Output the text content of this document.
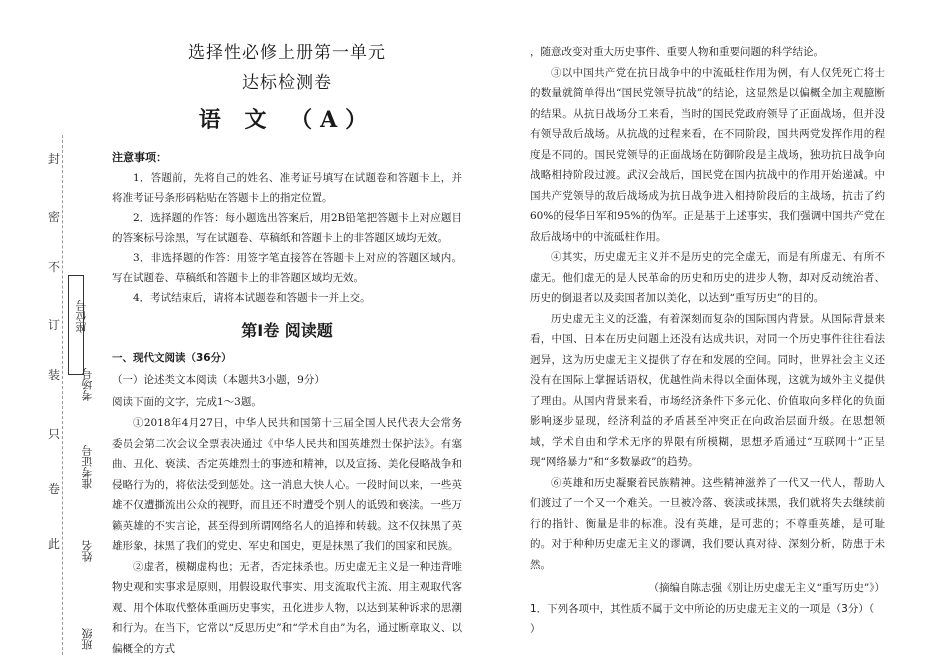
封
密
不
订
装
只
卷
此
座位号
考场号
准考证号
姓名
班级
选择性必修上册第一单元
达标检测卷
语 文 （A）
注意事项：

1．答题前，先将自己的姓名、准考证号填写在试题卷和答题卡上，并将准考证号条形码粘贴在答题卡上的指定位置。

2．选择题的作答：每小题选出答案后，用2B铅笔把答题卡上对应题目的答案标号涂黑，写在试题卷、草稿纸和答题卡上的非答题区域均无效。

3．非选择题的作答：用签字笔直接答在答题卡上对应的答题区域内。写在试题卷、草稿纸和答题卡上的非答题区域均无效。

4．考试结束后，请将本试题卷和答题卡一并上交。

第Ⅰ卷 阅读题
一、现代文阅读（36分）

（一）论述类文本阅读（本题共3小题，9分）

阅读下面的文字，完成1～3题。

①2018年4月27日，中华人民共和国第十三届全国人民代表大会常务委员会第二次会议全票表决通过《中华人民共和国英雄烈士保护法》。有塞曲、丑化、亵渎、否定英雄烈士的事迹和精神，以及宣扬、美化侵略战争和侵略行为的，将依法受到惩处。这一消息大快人心。一段时间以来，一些英雄不仅遭撕流出公众的视野，而且还不时遭受个别人的诋毁和亵渎。一些万籁英雄的不实言论，甚至得到所谓网络名人的追捧和转载。这不仅抹黑了英雄形象，抹黑了我们的党史、军史和国史，更是抹黑了我们的国家和民族。

②虚者，模糊虚构也；无者，否定抹杀也。历史虚无主义是一种违背唯物史观和实事求是原则，用假设取代事实、用支流取代主流、用主观取代客观、用个体取代整体重画历史事实，丑化进步人物，以达到某种诉求的思潮和行为。在当下，它常以“反思历史”和“学术自由”为名，通过断章取义、以偏概全的方式

，随意改变对重大历史事件、重要人物和重要问题的科学结论。

③以中国共产党在抗日战争中的中流砥柱作用为例，有人仅凭死亡将士的数量就简单得出“国民党领导抗战”的结论，这显然是以偏概全加主观臆断的结果。从抗日战场分工来看，当时的国民党政府领导了正面战场，但并没有领导敌后战场。从抗战的过程来看，在不同阶段，国共两党发挥作用的程度是不同的。国民党领导的正面战场在防御阶段是主战场，独功抗日战争向战略相持阶段过渡。武汉会战后，国民党在国内抗战中的作用开始递减。中国共产党领导的敌后战场成为抗日战争进入相持阶段后的主战场，抗击了约60%的侵华日军和95%的伪军。正是基于上述事实，我们强调中国共产党在敌后战场中的中流砥柱作用。

④其实，历史虚无主义并不是历史的完全虚无，而是有所虚无、有所不虚无。他们虚无的是人民革命的历史和历史的进步人物，却对反动统治者、历史的倒退者以及卖国者加以美化，以达到“重写历史”的目的。

历史虚无主义的泛滥，有着深刻而复杂的国际国内背景。从国际背景来看，中国、日本在历史问题上还没有达成共识，对同一个历史事件往往看法迥异，这为历史虚无主义提供了存在和发展的空间。同时，世界社会主义还没有在国际上掌握话语权，优越性尚未得以全面体现，这就为域外主义提供了理由。从国内背景来看，市场经济条件下多元化、价值取向多样化的负面影响逐步显现，经济利益的矛盾甚至冲突正在向政治层面升级。在思想领域，学术自由和学术无序的界限有所模糊，思想矛盾通过“互联网十”正呈现“网络暴力”和“多数暴政”的趋势。

⑥英雄和历史凝聚着民族精神。这些精神滋养了一代又一代人，帮助人们渡过了一个又一个难关。一旦被冷落、亵渎或抹黑，我们就将失去继续前行的指针、衡量是非的标准。没有英雄，是可悲的；不尊重英雄，是可耻的。对于种种历史虚无主义的谬调，我们要认真对待、深刻分析，防患于未然。

（摘编自陈志强《别让历史虚无主义“重写历史”》）

1．下列各项中，其性质不属于文中所论的历史虚无主义的一项是（3分）（

）
